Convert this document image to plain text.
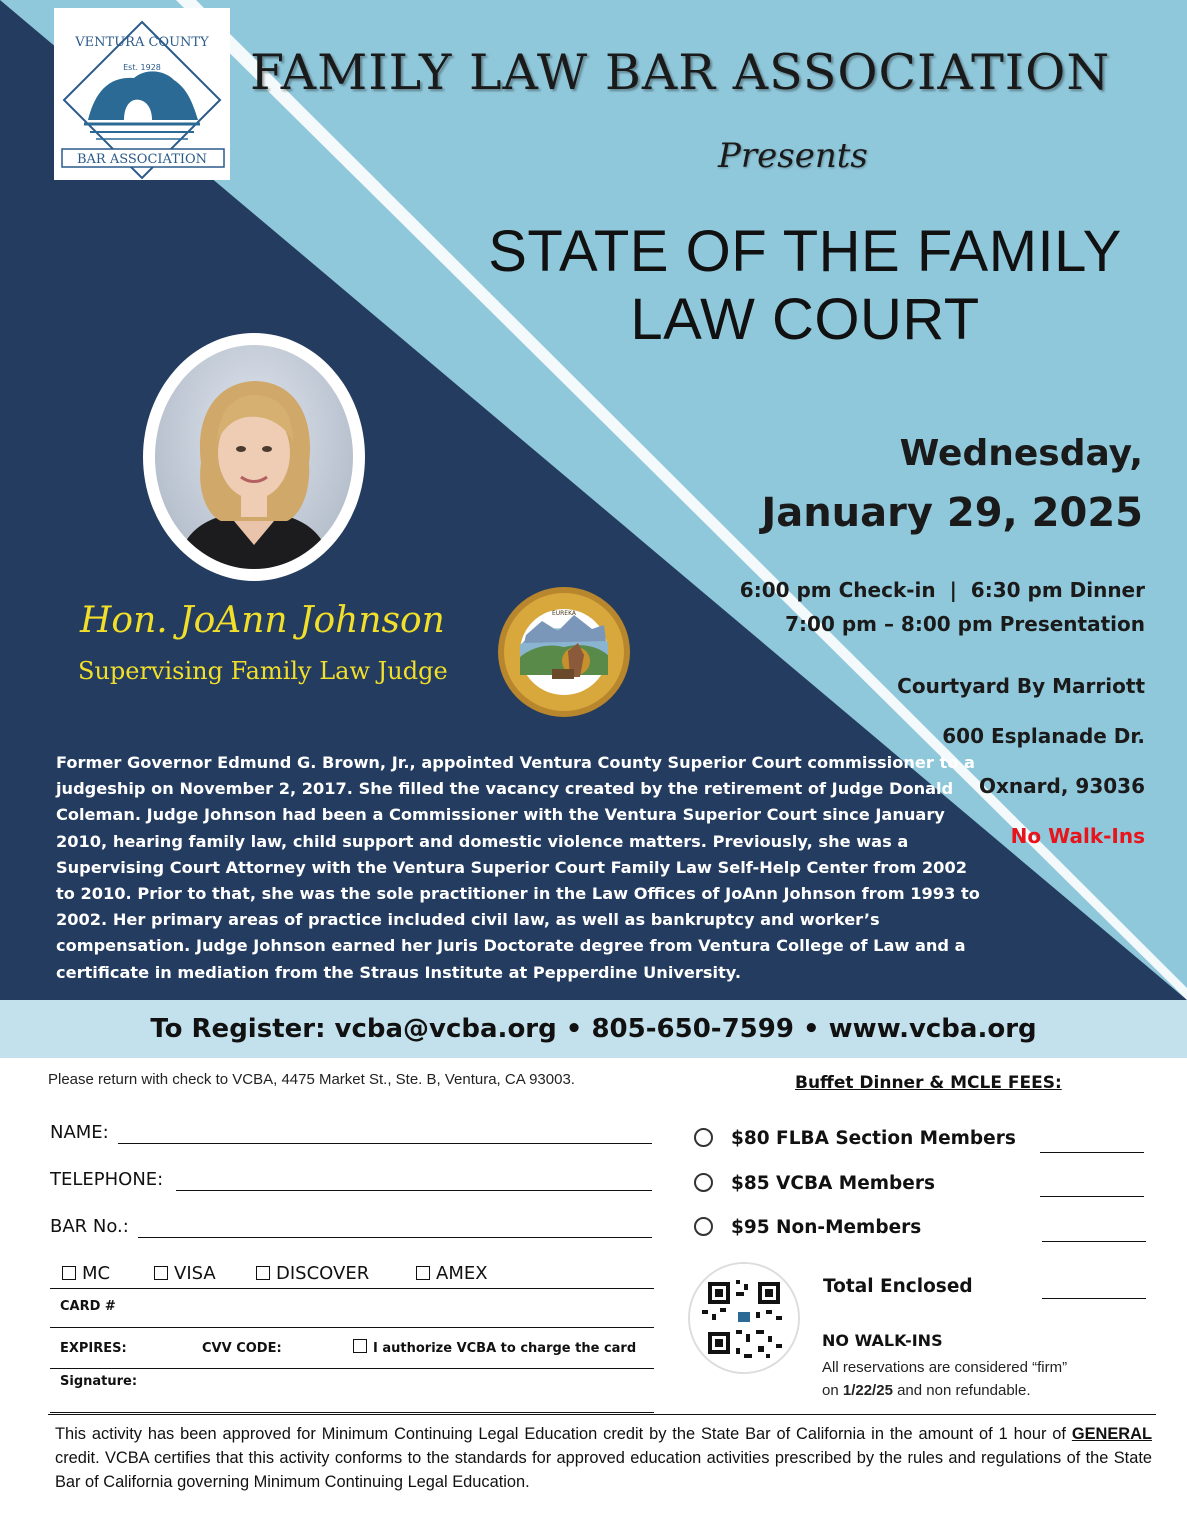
BAR ASSOCIATION
Est. 1928
VENTURA COUNTY
FAMILY LAW BAR ASSOCIATION
Presents
STATE OF THE FAMILY
LAW COURT
Hon. JoAnn Johnson
Supervising Family Law Judge
EUREKA
Former Governor Edmund G. Brown, Jr., appointed Ventura County Superior Court commissioner to a judgeship on November 2, 2017. She filled the vacancy created by the retirement of Judge Donald Coleman. Judge Johnson had been a Commissioner with the Ventura Superior Court since January 2010, hearing family law, child support and domestic violence matters. Previously, she was a Supervising Court Attorney with the Ventura Superior Court Family Law Self-Help Center from 2002 to 2010. Prior to that, she was the sole practitioner in the Law Offices of JoAnn Johnson from 1993 to 2002. Her primary areas of practice included civil law, as well as bankruptcy and worker’s compensation. Judge Johnson earned her Juris Doctorate degree from Ventura College of Law and a certificate in mediation from the Straus Institute at Pepperdine University.
Wednesday,
January 29, 2025
6:00 pm Check-in  |  6:30 pm Dinner
7:00 pm – 8:00 pm Presentation
Courtyard By Marriott
600 Esplanade Dr.
Oxnard, 93036
No Walk-Ins
To Register: vcba@vcba.org • 805-650-7599 • www.vcba.org
Please return with check to VCBA, 4475 Market St., Ste. B, Ventura, CA 93003.
NAME:
TELEPHONE:
BAR No.:
MC	VISA	DISCOVER	AMEX
CARD #
EXPIRES:	CVV CODE:	I authorize VCBA to charge the card
Signature:
Buffet Dinner & MCLE FEES:
$80 FLBA Section Members
$85 VCBA Members
$95 Non-Members
Total Enclosed
NO WALK-INS
All reservations are considered “firm”
on 1/22/25 and non refundable.
This activity has been approved for Minimum Continuing Legal Education credit by the State Bar of California in the amount of 1 hour of GENERAL credit. VCBA certifies that this activity conforms to the standards for approved education activities prescribed by the rules and regulations of the State Bar of California governing Minimum Continuing Legal Education.
